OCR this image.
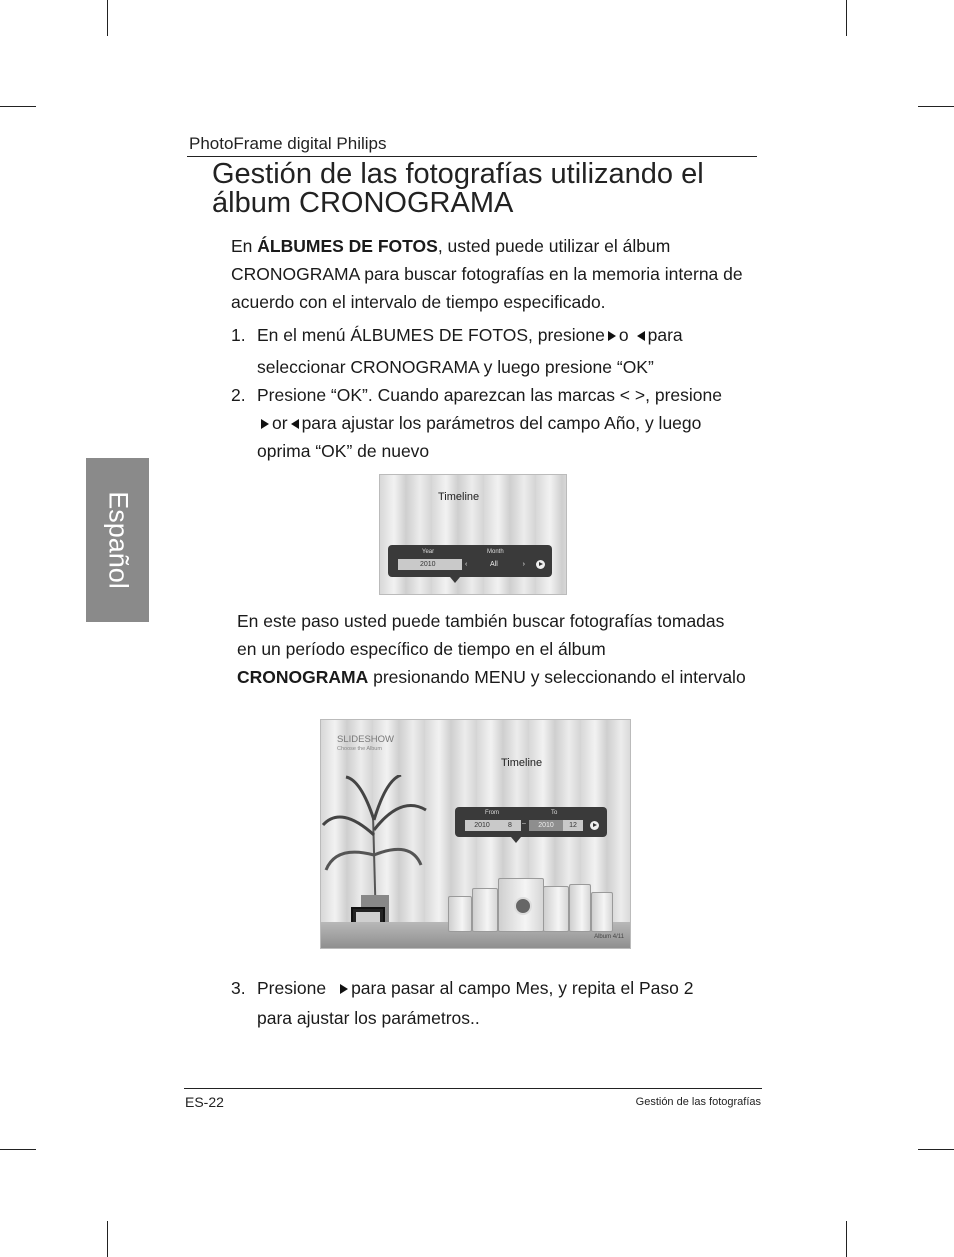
PhotoFrame digital Philips
Gestión de las fotografías utilizando el álbum CRONOGRAMA

En ÁLBUMES DE FOTOS, usted puede utilizar el álbum CRONOGRAMA para buscar fotografías en la memoria interna de acuerdo con el intervalo de tiempo especificado.

1. En el menú ÁLBUMES DE FOTOS, presione o para
seleccionar CRONOGRAMA y luego presione “OK”
2. Presione “OK”. Cuando aparezcan las marcas < >, presione
or para ajustar los parámetros del campo Año, y luego
oprima “OK” de nuevo
Español	Timeline
Year	Month
2010	‹	All	›

En este paso usted puede también buscar fotografías tomadas
en un período específico de tiempo en el álbum
CRONOGRAMA presionando MENU y seleccionando el intervalo

SLIDESHOW
Choose the Album
Timeline
From	To
2010	8	–	2010	12
Album 4/11
3. Presione para pasar al campo Mes, y repita el Paso 2
para ajustar los parámetros..
ES-22	Gestión de las fotografías
